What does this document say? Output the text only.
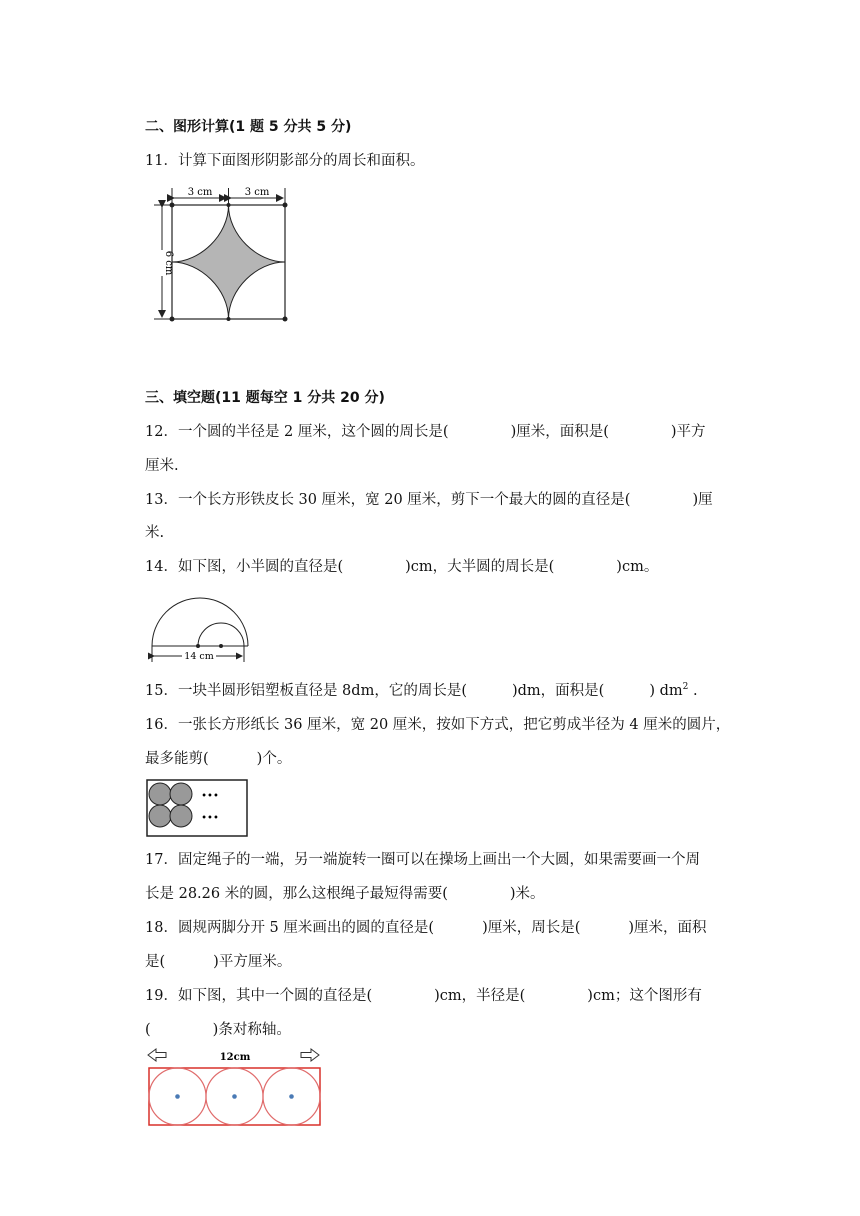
二、图形计算(1 题 5 分共 5 分)
11．计算下面图形阴影部分的周长和面积。
3 cm	3 cm
6 cm
三、填空题(11 题每空 1 分共 20 分)
12．一个圆的半径是 2 厘米，这个圆的周长是(	)厘米，面积是(	)平方
厘米.
13．一个长方形铁皮长 30 厘米，宽 20 厘米，剪下一个最大的圆的直径是(	)厘
米.
14．如下图，小半圆的直径是(	)cm，大半圆的周长是(	)cm。
14 cm
15．一块半圆形铝塑板直径是 8dm，它的周长是(	)dm，面积是(	) $dm^2$ .
16．一张长方形纸长 36 厘米，宽 20 厘米，按如下方式，把它剪成半径为 4 厘米的圆片，
最多能剪(	)个。
•••
•••
17．固定绳子的一端，另一端旋转一圈可以在操场上画出一个大圆，如果需要画一个周
长是 28.26 米的圆，那么这根绳子最短得需要(	)米。
18．圆规两脚分开 5 厘米画出的圆的直径是(	)厘米，周长是(	)厘米，面积
是(	)平方厘米。
19．如下图，其中一个圆的直径是(	)cm，半径是(	)cm；这个图形有
(	)条对称轴。
12cm
